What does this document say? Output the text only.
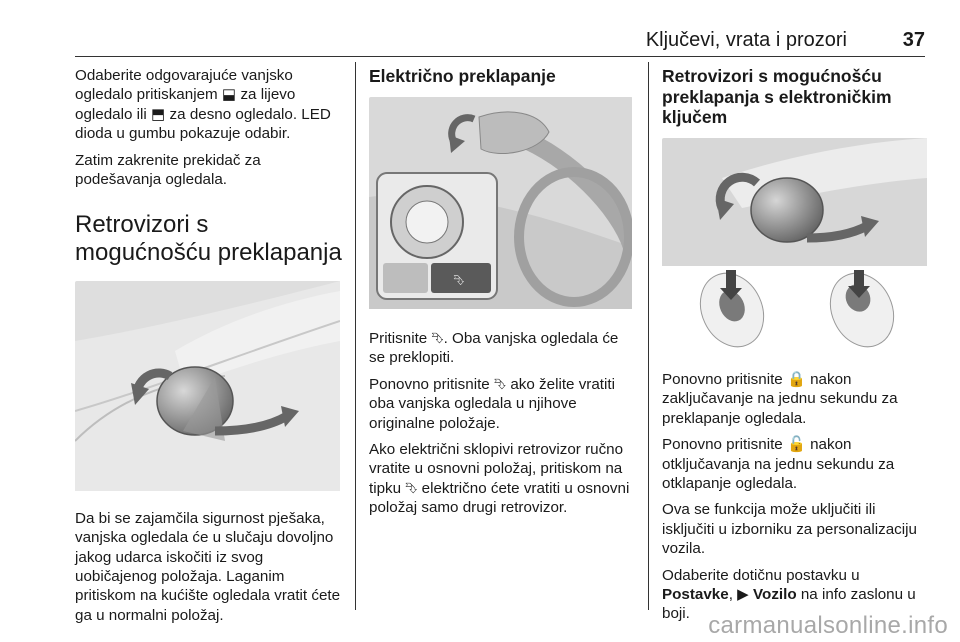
Ključevi, vrata i prozori	37

Odaberite odgovarajuće vanjsko ogledalo pritiskanjem ⬓ za lijevo ogledalo ili ⬒ za desno ogledalo. LED dioda u gumbu pokazuje odabir.

Zatim zakrenite prekidač za podešavanja ogledala.

Retrovizori s mogućnošću preklapanja

Da bi se zajamčila sigurnost pješaka, vanjska ogledala će u slučaju dovoljno jakog udarca iskočiti iz svog uobičajenog položaja. Laganim pritiskom na kućište ogledala vratit ćete ga u normalni položaj.

Električno preklapanje
⮷

Pritisnite ⮷. Oba vanjska ogledala će se preklopiti.

Ponovno pritisnite ⮷ ako želite vratiti oba vanjska ogledala u njihove originalne položaje.

Ako električni sklopivi retrovizor ručno vratite u osnovni položaj, pritiskom na tipku ⮷ električno ćete vratiti u osnovni položaj samo drugi retrovizor.

Retrovizori s mogućnošću preklapanja s elektroničkim ključem

Ponovno pritisnite 🔒 nakon zaključavanje na jednu sekundu za preklapanje ogledala.

Ponovno pritisnite 🔓 nakon otključavanja na jednu sekundu za otklapanje ogledala.

Ova se funkcija može uključiti ili isključiti u izborniku za personalizaciju vozila.

Odaberite dotičnu postavku u Postavke, ▶ Vozilo na info zaslonu u boji. carmanualsonline.info
